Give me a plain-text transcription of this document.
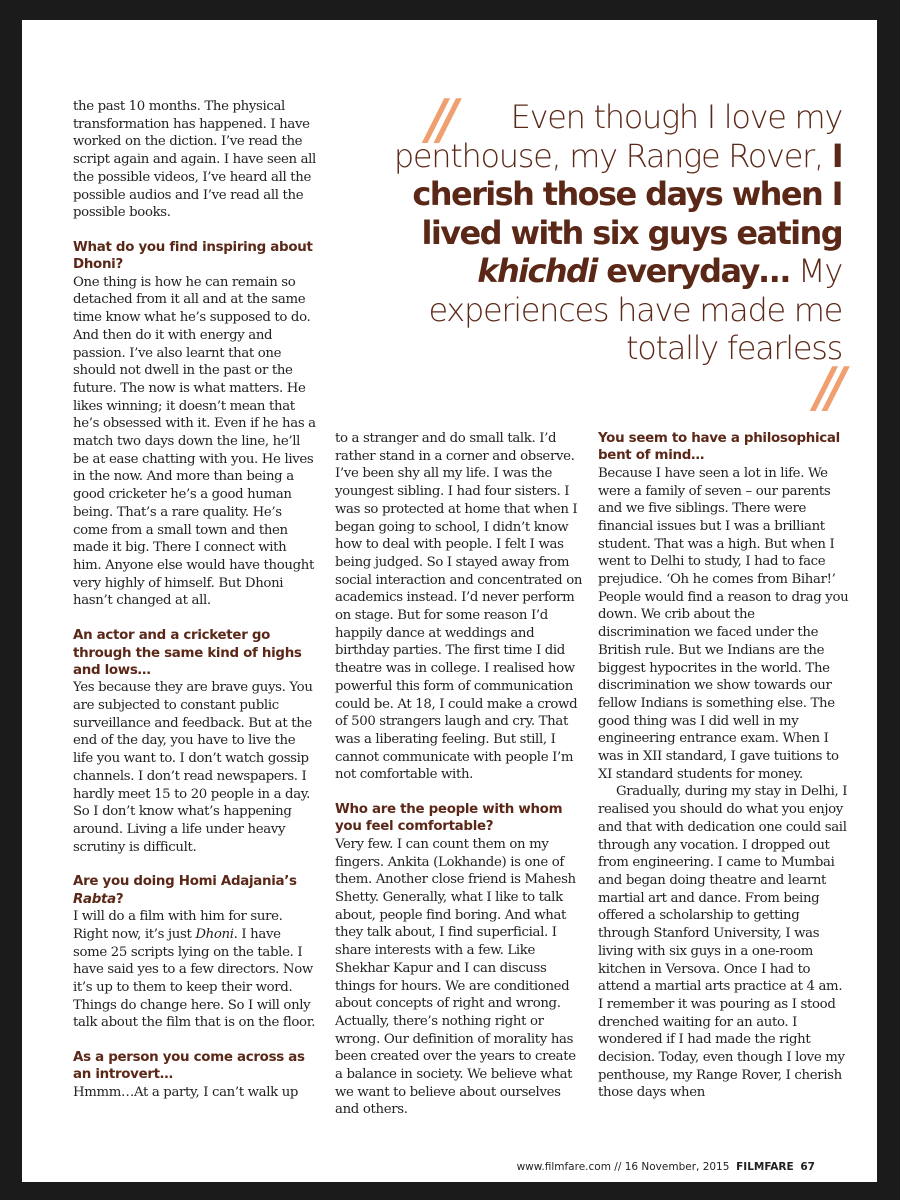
//	Even though I love my penthouse, my Range Rover, I cherish those days when I lived with six guys eating khichdi everyday… My experiences have made me totally fearless
//

the past 10 months. The physical transformation has happened. I have worked on the diction. I’ve read the script again and again. I have seen all the possible videos, I’ve heard all the possible audios and I’ve read all the possible books.

What do you find inspiring about Dhoni?

One thing is how he can remain so detached from it all and at the same time know what he’s supposed to do. And then do it with energy and passion. I’ve also learnt that one should not dwell in the past or the future. The now is what matters. He likes winning; it doesn’t mean that he’s obsessed with it. Even if he has a match two days down the line, he’ll be at ease chatting with you. He lives in the now. And more than being a good cricketer he’s a good human being. That’s a rare quality. He’s come from a small town and then made it big. There I connect with him. Anyone else would have thought very highly of himself. But Dhoni hasn’t changed at all.

An actor and a cricketer go through the same kind of highs and lows…

Yes because they are brave guys. You are subjected to constant public surveillance and feedback. But at the end of the day, you have to live the life you want to. I don’t watch gossip channels. I don’t read newspapers. I hardly meet 15 to 20 people in a day. So I don’t know what’s happening around. Living a life under heavy scrutiny is difficult.

Are you doing Homi Adajania’s Rabta?

I will do a film with him for sure. Right now, it’s just Dhoni. I have some 25 scripts lying on the table. I have said yes to a few directors. Now it’s up to them to keep their word. Things do change here. So I will only talk about the film that is on the floor.

As a person you come across as an introvert…

Hmmm…At a party, I can’t walk up

to a stranger and do small talk. I’d rather stand in a corner and observe. I’ve been shy all my life. I was the youngest sibling. I had four sisters. I was so protected at home that when I began going to school, I didn’t know how to deal with people. I felt I was being judged. So I stayed away from social interaction and concentrated on academics instead. I’d never perform on stage. But for some reason I’d happily dance at weddings and birthday parties. The first time I did theatre was in college. I realised how powerful this form of communication could be. At 18, I could make a crowd of 500 strangers laugh and cry. That was a liberating feeling. But still, I cannot communicate with people I’m not comfortable with.

Who are the people with whom you feel comfortable?

Very few. I can count them on my fingers. Ankita (Lokhande) is one of them. Another close friend is Mahesh Shetty. Generally, what I like to talk about, people find boring. And what they talk about, I find superficial. I share interests with a few. Like Shekhar Kapur and I can discuss things for hours. We are conditioned about concepts of right and wrong. Actually, there’s nothing right or wrong. Our definition of morality has been created over the years to create a balance in society. We believe what we want to believe about ourselves and others.

You seem to have a philosophical bent of mind…

Because I have seen a lot in life. We were a family of seven – our parents and we five siblings. There were financial issues but I was a brilliant student. That was a high. But when I went to Delhi to study, I had to face prejudice. ‘Oh he comes from Bihar!’ People would find a reason to drag you down. We crib about the discrimination we faced under the British rule. But we Indians are the biggest hypocrites in the world. The discrimination we show towards our fellow Indians is something else. The good thing was I did well in my engineering entrance exam. When I was in XII standard, I gave tuitions to XI standard students for money.

Gradually, during my stay in Delhi, I realised you should do what you enjoy and that with dedication one could sail through any vocation. I dropped out from engineering. I came to Mumbai and began doing theatre and learnt martial art and dance. From being offered a scholarship to getting through Stanford University, I was living with six guys in a one-room kitchen in Versova. Once I had to attend a martial arts practice at 4 am. I remember it was pouring as I stood drenched waiting for an auto. I wondered if I had made the right decision. Today, even though I love my penthouse, my Range Rover, I cherish those days when

www.filmfare.com // 16 November, 2015 FILMFARE 67
